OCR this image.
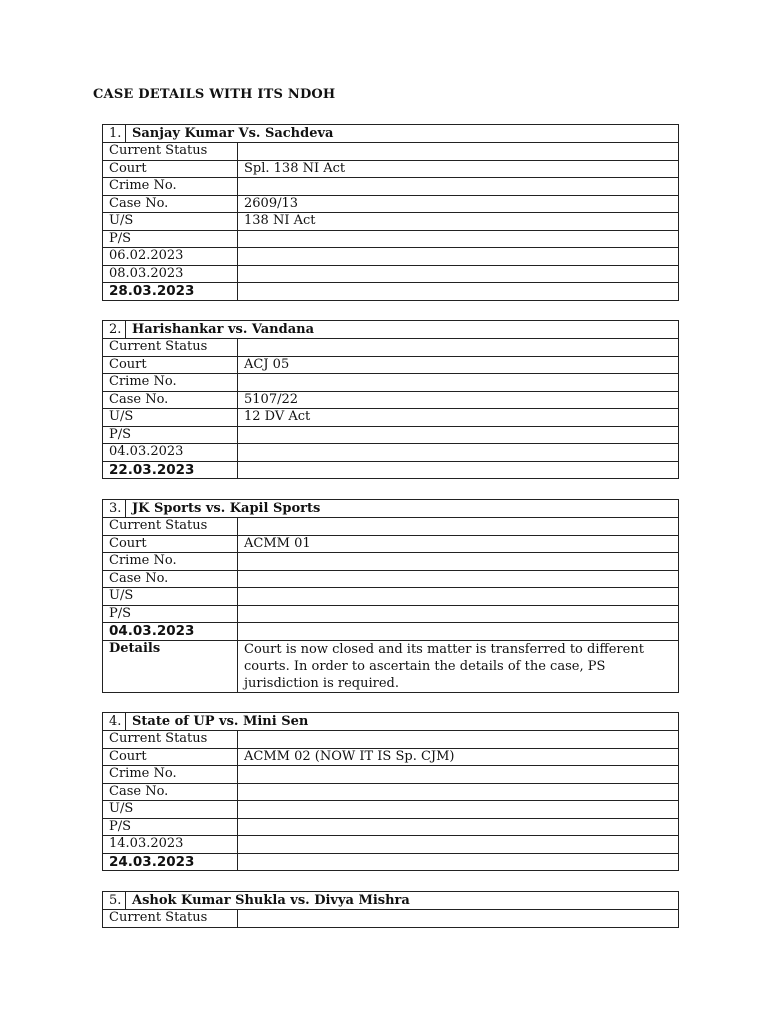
CASE DETAILS WITH ITS NDOH
1. Sanjay Kumar Vs. Sachdeva	

Current Status	
Court	Spl. 138 NI Act
Crime No.	
Case No.	2609/13
U/S	138 NI Act
P/S	
06.02.2023	
08.03.2023	
28.03.2023	
2. Harishankar vs. Vandana	

Current Status	
Court	ACJ 05
Crime No.	
Case No.	5107/22
U/S	12 DV Act
P/S	
04.03.2023	
22.03.2023	
3. JK Sports vs. Kapil Sports	

Current Status	
Court	ACMM 01
Crime No.	
Case No.	
U/S	
P/S	
04.03.2023	
Details	Court is now closed and its matter is transferred to different courts. In order to ascertain the details of the case, PS jurisdiction is required.
4. State of UP vs. Mini Sen	

Current Status	
Court	ACMM 02 (NOW IT IS Sp. CJM)
Crime No.	
Case No.	
U/S	
P/S	
14.03.2023	
24.03.2023	
5. Ashok Kumar Shukla vs. Divya Mishra

Current Status	
